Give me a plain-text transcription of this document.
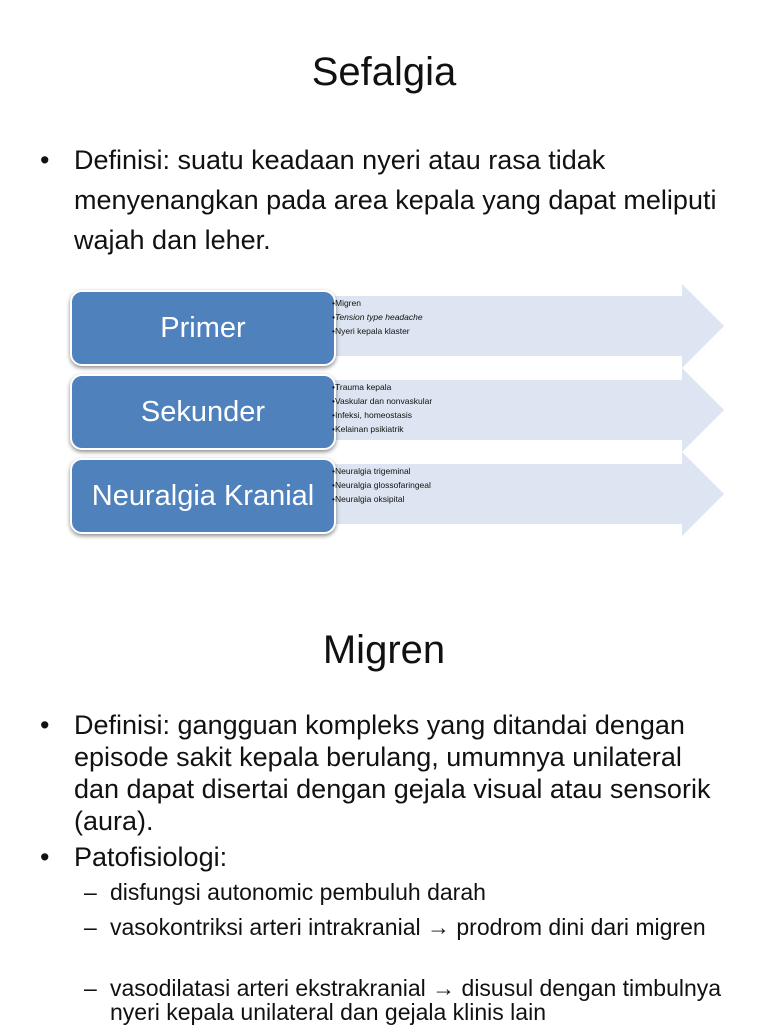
Sefalgia
• Definisi: suatu keadaan nyeri atau rasa tidak menyenangkan pada area kepala yang dapat meliputi wajah dan leher.
Primer
• Migren
• Tension type headache
• Nyeri kepala klaster
Sekunder
• Trauma kepala
• Vaskular dan nonvaskular
• Infeksi, homeostasis
• Kelainan psikiatrik
Neuralgia Kranial
• Neuralgia trigeminal
• Neuralgia glossofaringeal
• Neuralgia oksipital
Migren
• Definisi: gangguan kompleks yang ditandai dengan episode sakit kepala berulang, umumnya unilateral dan dapat disertai dengan gejala visual atau sensorik (aura).
• Patofisiologi:
– disfungsi autonomic pembuluh darah
– vasokontriksi arteri intrakranial → prodrom dini dari migren
– vasodilatasi arteri ekstrakranial → disusul dengan timbulnya nyeri kepala unilateral dan gejala klinis lain
